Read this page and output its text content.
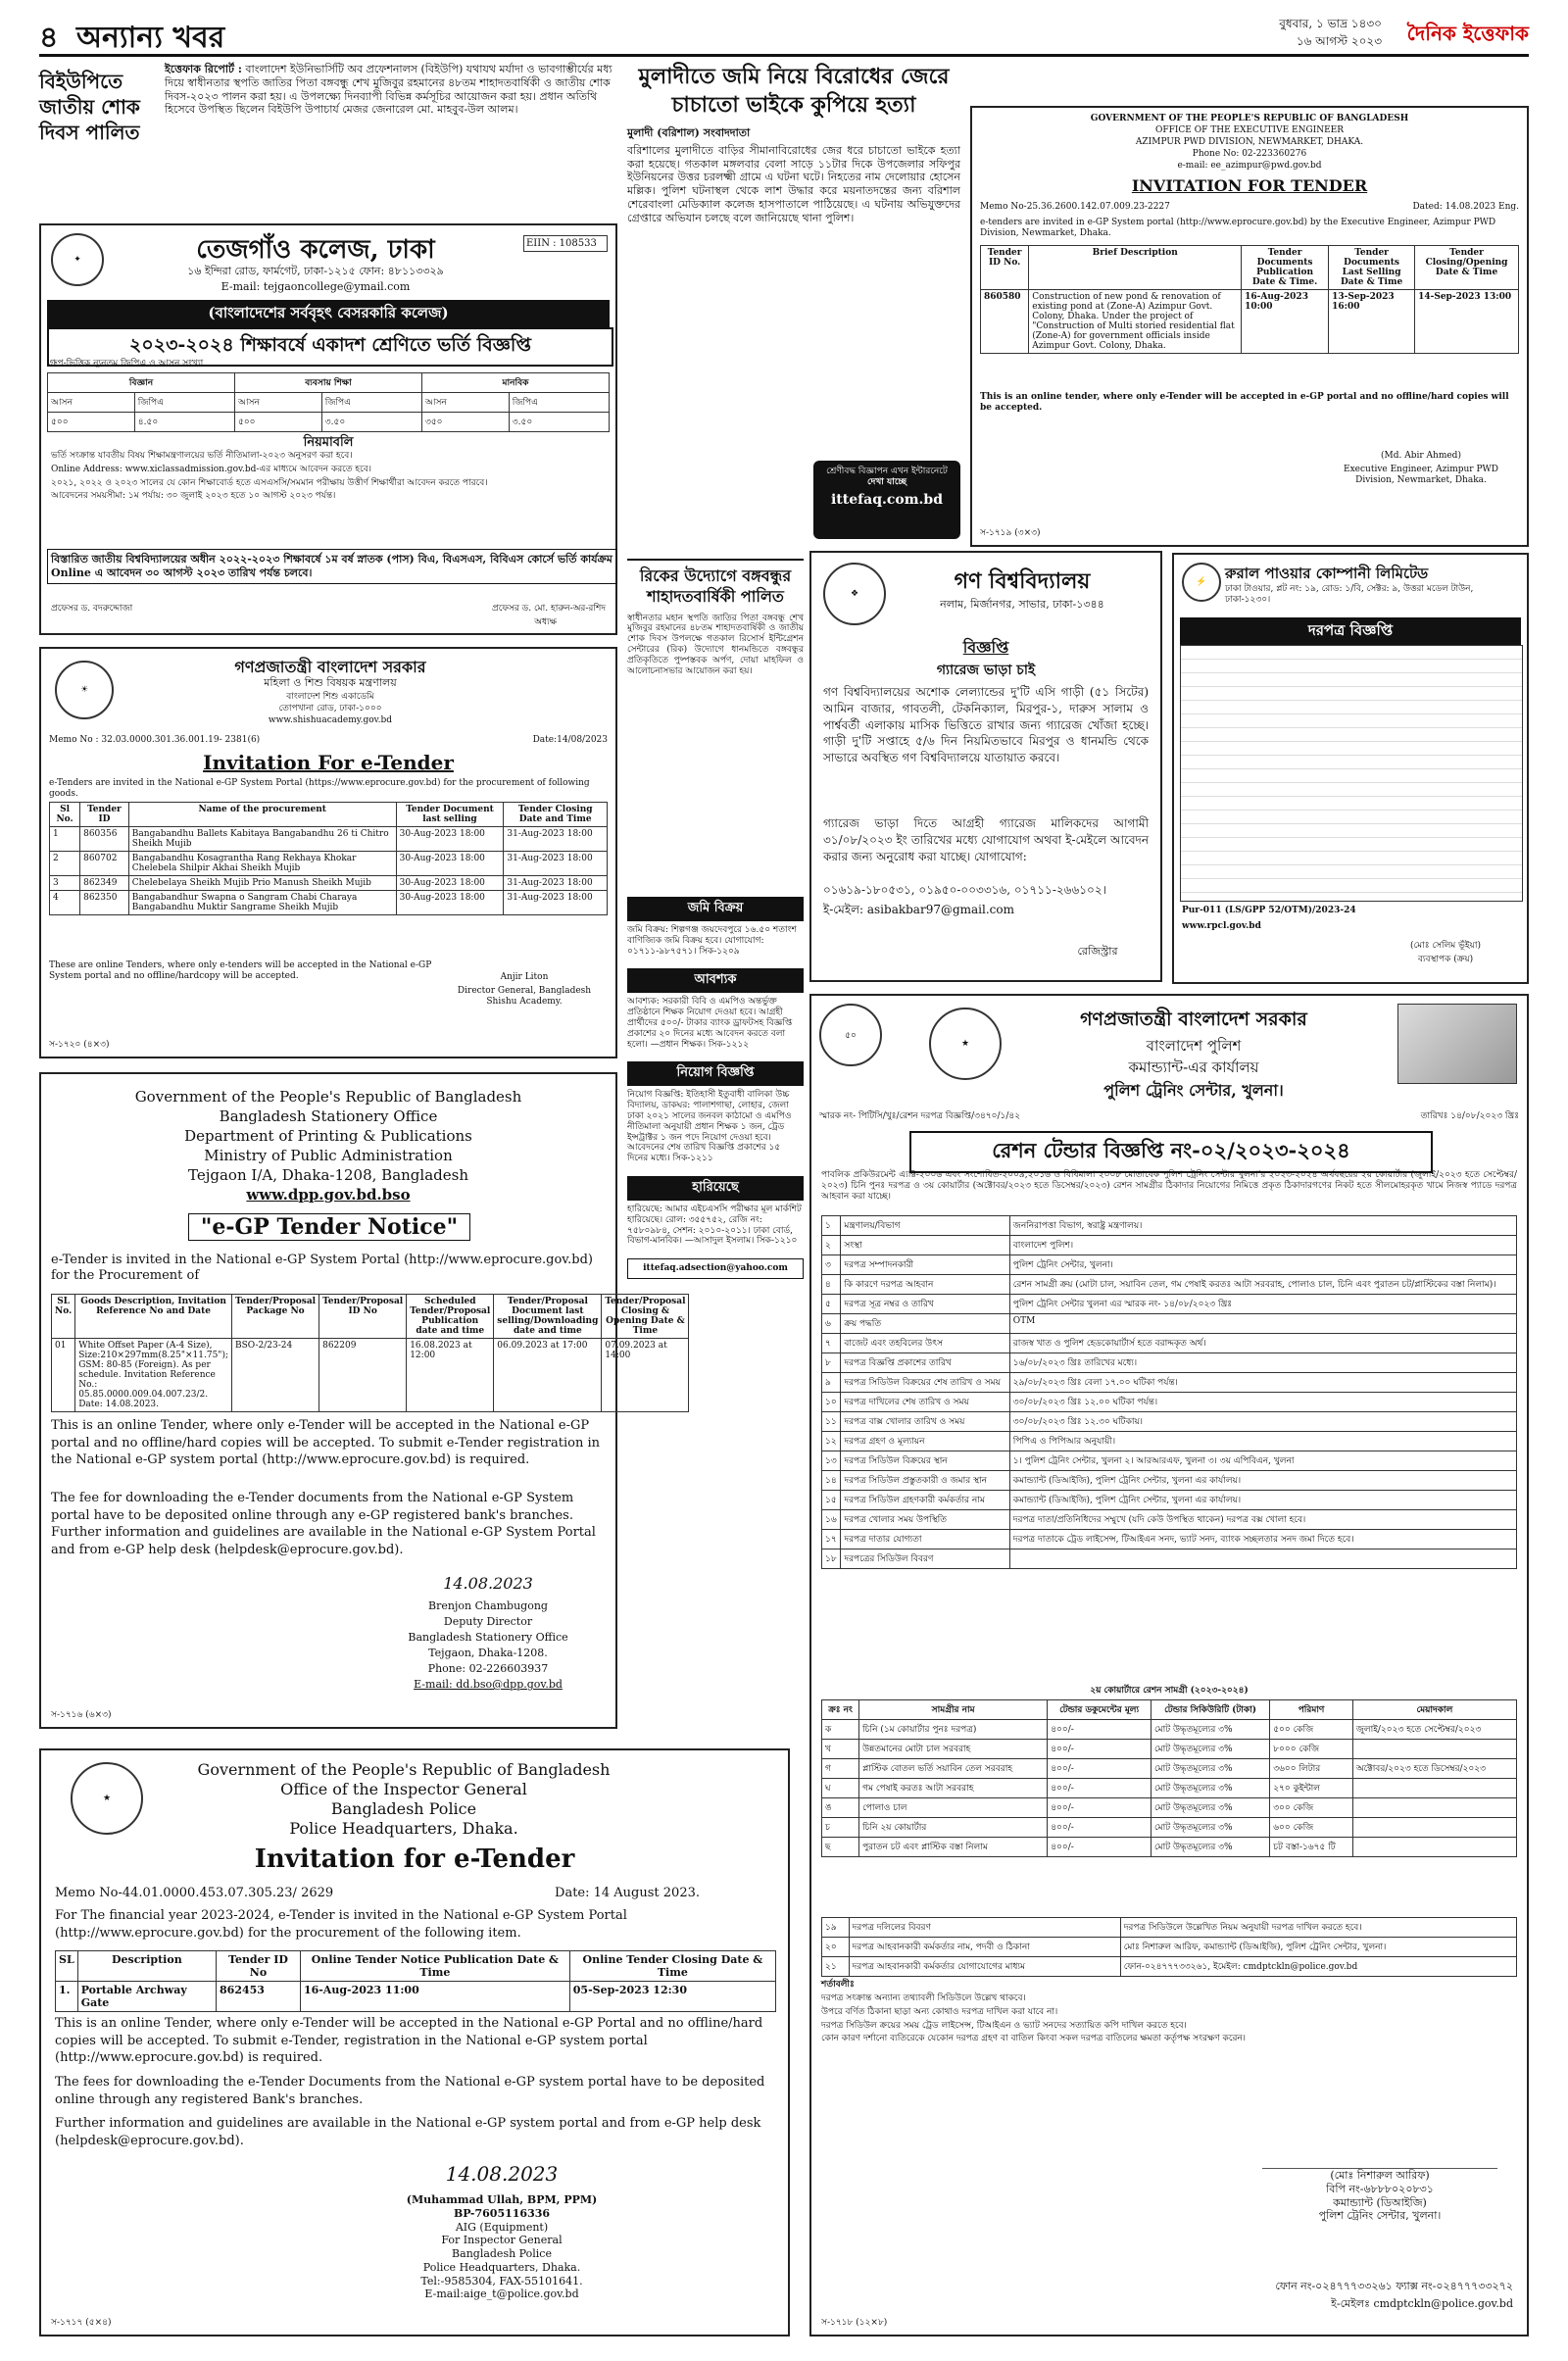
৪ অন্যান্য খবর	বুধবার, ১ ভাদ্র ১৪৩০
১৬ আগস্ট ২০২৩ দৈনিক ইত্তেফাক
বিইউপিতে জাতীয় শোক দিবস পালিত
ইত্তেফাক রিপোর্ট : বাংলাদেশ ইউনিভার্সিটি অব প্রফেশনালস (বিইউপি) যথাযথ মর্যাদা ও ভাবগাম্ভীর্যের মধ্য দিয়ে স্বাধীনতার স্থপতি জাতির পিতা বঙ্গবন্ধু শেখ মুজিবুর রহমানের ৪৮তম শাহাদতবার্ষিকী ও জাতীয় শোক দিবস-২০২৩ পালন করা হয়। এ উপলক্ষ্যে দিনব্যাপী বিভিন্ন কর্মসূচির আয়োজন করা হয়। প্রধান অতিথি হিসেবে উপস্থিত ছিলেন বিইউপি উপাচার্য মেজর জেনারেল মো. মাহবুব-উল আলম।
✦	তেজগাঁও কলেজ, ঢাকা	EIIN : 108533
১৬ ইন্দিরা রোড, ফার্মগেট, ঢাকা-১২১৫ ফোন: ৪৮১১৩৩২৯
E-mail: tejgaoncollege@ymail.com
(বাংলাদেশের সর্ববৃহৎ বেসরকারি কলেজ)
২০২৩-২০২৪ শিক্ষাবর্ষে একাদশ শ্রেণিতে ভর্তি বিজ্ঞপ্তি
গ্রুপ-ভিত্তিক ন্যূনতম জিপিএ ও আসন সংখ্যা
বিজ্ঞান		ব্যবসায় শিক্ষা		মানবিক	
আসন	জিপিএ	আসন	জিপিএ	আসন	জিপিএ
৫০০	৪.৫০	৫০০	৩.৫০	৩৫০	৩.৫০
নিয়মাবলি
ভর্তি সংক্রান্ত যাবতীয় বিষয় শিক্ষামন্ত্রণালয়ের ভর্তি নীতিমালা-২০২৩ অনুসরণ করা হবে।
Online Address: www.xiclassadmission.gov.bd-এর মাধ্যমে আবেদন করতে হবে।
২০২১, ২০২২ ও ২০২৩ সালের যে কোন শিক্ষাবোর্ড হতে এসএসসি/সমমান পরীক্ষায় উত্তীর্ণ শিক্ষার্থীরা আবেদন করতে পারবে।
আবেদনের সময়সীমা: ১ম পর্যায়: ৩০ জুলাই ২০২৩ হতে ১০ আগস্ট ২০২৩ পর্যন্ত।
বিস্তারিত জাতীয় বিশ্ববিদ্যালয়ের অধীন ২০২২-২০২৩ শিক্ষাবর্ষে ১ম বর্ষ স্নাতক (পাস) বিএ, বিএসএস, বিবিএস কোর্সে ভর্তি কার্যক্রম Online এ আবেদন ৩০ আগস্ট ২০২৩ তারিখ পর্যন্ত চলবে।
প্রফেসর ড. বদরুদ্দোজা	প্রফেসর ড. মো. হারুন-অর-রশিদ
অধ্যক্ষ
☀
গণপ্রজাতন্ত্রী বাংলাদেশ সরকার
মহিলা ও শিশু বিষয়ক মন্ত্রণালয়
বাংলাদেশ শিশু একাডেমি
তোপখানা রোড, ঢাকা-১০০০
www.shishuacademy.gov.bd
Memo No : 32.03.0000.301.36.001.19- 2381(6)	Date:14/08/2023
Invitation For e-Tender
e-Tenders are invited in the National e-GP System Portal (https://www.eprocure.gov.bd) for the procurement of following goods.
Sl No.	Tender ID	Name of the procurement	Tender Document last selling	Tender Closing Date and Time
1	860356	Bangabandhu Ballets Kabitaya Bangabandhu 26 ti Chitro Sheikh Mujib	30-Aug-2023 18:00	31-Aug-2023 18:00
2	860702	Bangabandhu Kosagrantha Rang Rekhaya Khokar Chelebela Shilpir Akhai Sheikh Mujib	30-Aug-2023 18:00	31-Aug-2023 18:00
3	862349	Chelebelaya Sheikh Mujib Prio Manush Sheikh Mujib	30-Aug-2023 18:00	31-Aug-2023 18:00
4	862350	Bangabandhur Swapna o Sangram Chabi Charaya Bangabandhu Muktir Sangrame Sheikh Mujib	30-Aug-2023 18:00	31-Aug-2023 18:00
These are online Tenders, where only e-tenders will be accepted in the National e-GP System portal and no offline/hardcopy will be accepted.	Anjir Liton
Director General, Bangladesh Shishu Academy.
স-১৭২০ (৪×৩)
Government of the People's Republic of Bangladesh
Bangladesh Stationery Office
Department of Printing & Publications
Ministry of Public Administration
Tejgaon I/A, Dhaka-1208, Bangladesh
www.dpp.gov.bd.bso
"e-GP Tender Notice"
e-Tender is invited in the National e-GP System Portal (http://www.eprocure.gov.bd) for the Procurement of
SL No.	Goods Description, Invitation Reference No and Date	Tender/Proposal Package No	Tender/Proposal ID No	Scheduled Tender/Proposal Publication date and time	Tender/Proposal Document last selling/Downloading date and time	Tender/Proposal Closing & Opening Date & Time
01	White Offset Paper (A-4 Size), Size:210×297mm(8.25"×11.75"); GSM: 80-85 (Foreign). As per schedule. Invitation Reference No.: 05.85.0000.009.04.007.23/2. Date: 14.08.2023.	BSO-2/23-24	862209	16.08.2023 at 12:00	06.09.2023 at 17:00	07.09.2023 at 14:00
This is an online Tender, where only e-Tender will be accepted in the National e-GP portal and no offline/hard copies will be accepted. To submit e-Tender registration in the National e-GP system portal (http://www.eprocure.gov.bd) is required.
The fee for downloading the e-Tender documents from the National e-GP System portal have to be deposited online through any e-GP registered bank's branches. Further information and guidelines are available in the National e-GP System Portal and from e-GP help desk (helpdesk@eprocure.gov.bd).
14.08.2023
Brenjon Chambugong
Deputy Director
Bangladesh Stationery Office
Tejgaon, Dhaka-1208.
Phone: 02-226603937
E-mail: dd.bso@dpp.gov.bd
স-১৭১৬ (৬×৩)
★
Government of the People's Republic of Bangladesh
Office of the Inspector General
Bangladesh Police
Police Headquarters, Dhaka.
Invitation for e-Tender
Memo No-44.01.0000.453.07.305.23/ 2629	Date: 14 August 2023.
For The financial year 2023-2024, e-Tender is invited in the National e-GP System Portal (http://www.eprocure.gov.bd) for the procurement of the following item.
SL	Description	Tender ID No	Online Tender Notice Publication Date & Time	Online Tender Closing Date & Time
1.	Portable Archway Gate	862453	16-Aug-2023 11:00	05-Sep-2023 12:30
This is an online Tender, where only e-Tender will be accepted in the National e-GP Portal and no offline/hard copies will be accepted. To submit e-Tender, registration in the National e-GP system portal (http://www.eprocure.gov.bd) is required.
The fees for downloading the e-Tender Documents from the National e-GP system portal have to be deposited online through any registered Bank's branches.
Further information and guidelines are available in the National e-GP system portal and from e-GP help desk (helpdesk@eprocure.gov.bd).
14.08.2023
(Muhammad Ullah, BPM, PPM)
BP-7605116336
AIG (Equipment)
For Inspector General
Bangladesh Police
Police Headquarters, Dhaka.
Tel:-9585304, FAX-55101641.
E-mail:aige_t@police.gov.bd
স-১৭১৭ (৫×৪)
মুলাদীতে জমি নিয়ে বিরোধের জেরে চাচাতো ভাইকে কুপিয়ে হত্যা
মুলাদী (বরিশাল) সংবাদদাতা
বরিশালের মুলাদীতে বাড়ির সীমানাবিরোধের জের ধরে চাচাতো ভাইকে হত্যা করা হয়েছে। গতকাল মঙ্গলবার বেলা সাড়ে ১১টার দিকে উপজেলার সফিপুর ইউনিয়নের উত্তর চরলক্ষ্মী গ্রামে এ ঘটনা ঘটে। নিহতের নাম দেলোয়ার হোসেন মল্লিক। পুলিশ ঘটনাস্থল থেকে লাশ উদ্ধার করে ময়নাতদন্তের জন্য বরিশাল শেরেবাংলা মেডিক্যাল কলেজ হাসপাতালে পাঠিয়েছে। এ ঘটনায় অভিযুক্তদের গ্রেপ্তারে অভিযান চলছে বলে জানিয়েছে থানা পুলিশ।
রিকের উদ্যোগে বঙ্গবন্ধুর শাহাদতবার্ষিকী পালিত
স্বাধীনতার মহান স্থপতি জাতির পিতা বঙ্গবন্ধু শেখ মুজিবুর রহমানের ৪৮তম শাহাদতবার্ষিকী ও জাতীয় শোক দিবস উপলক্ষে গতকাল রিসোর্স ইন্টিগ্রেশন সেন্টারের (রিক) উদ্যোগে ধানমন্ডিতে বঙ্গবন্ধুর প্রতিকৃতিতে পুষ্পস্তবক অর্পণ, দোয়া মাহফিল ও আলোচনাসভার আয়োজন করা হয়।
শ্রেণীবদ্ধ বিজ্ঞাপন এখন ইন্টারনেটে
দেখা যাচ্ছে
ittefaq.com.bd
জমি বিক্রয়
জমি বিক্রয়: শিল্পগঞ্জ জয়দেবপুরে ১৬.৫০ শতাংশ বাণিজ্যিক জমি বিক্রয় হবে। যোগাযোগ: ০১৭১১-৯৮৭৫৭১। সিক-১২০৯
আবশ্যক
আবশ্যক: সরকারী বিবি ও এমপিও অন্তর্ভুক্ত প্রতিষ্ঠানে শিক্ষক নিয়োগ দেওয়া হবে। আগ্রহী প্রার্থীদের ৫০০/- টাকার ব্যাংক ড্রাফটসহ বিজ্ঞপ্তি প্রকাশের ২০ দিনের মধ্যে আবেদন করতে বলা হলো। —প্রধান শিক্ষক। সিক-১২১২
নিয়োগ বিজ্ঞপ্তি
নিয়োগ বিজ্ঞপ্তি: ইতিহাসী ইতুবাধী বালিকা উচ্চ বিদ্যালয়, ডাকঘর: পালাশগাছা, লোহার, জেলা ঢাকা ২০২১ সালের জনবল কাঠামো ও এমপিও নীতিমালা অনুযায়ী প্রধান শিক্ষক ১ জন, ট্রেড ইন্সট্রাক্টর ১ জন পদে নিয়োগ দেওয়া হবে। আবেদনের শেষ তারিখ বিজ্ঞপ্তি প্রকাশের ১৫ দিনের মধ্যে। সিক-১২১১
হারিয়েছে
হারিয়েছে: আমার এইচএসসি পরীক্ষার মূল মার্কশিট হারিয়েছে। রোল: ৩৫৫৭৫২, রেজি নং: ৭৫৮০৯৮৪, সেশন: ২০১০-২০১১। ঢাকা বোর্ড, বিভাগ-মানবিক। —আসাদুল ইসলাম। সিক-১২১০
ittefaq.adsection@yahoo.com
❖	গণ বিশ্ববিদ্যালয়
নলাম, মির্জানগর, সাভার, ঢাকা-১৩৪৪
বিজ্ঞপ্তি
গ্যারেজ ভাড়া চাই
গণ বিশ্ববিদ্যালয়ের অশোক লেল্যান্ডের দু'টি এসি গাড়ী (৫১ সিটের) আমিন বাজার, গাবতলী, টেকনিক্যাল, মিরপুর-১, দারুস সালাম ও পার্শ্ববর্তী এলাকায় মাসিক ভিত্তিতে রাখার জন্য গ্যারেজ খোঁজা হচ্ছে। গাড়ী দু'টি সপ্তাহে ৫/৬ দিন নিয়মিতভাবে মিরপুর ও ধানমন্ডি থেকে সাভারে অবস্থিত গণ বিশ্ববিদ্যালয়ে যাতায়াত করবে।
গ্যারেজ ভাড়া দিতে আগ্রহী গ্যারেজ মালিকদের আগামী ৩১/০৮/২০২৩ ইং তারিখের মধ্যে যোগাযোগ অথবা ই-মেইলে আবেদন করার জন্য অনুরোধ করা যাচ্ছে। যোগাযোগ:
০১৬১৯-১৮০৫৩১, ০১৯৫০-০০৩৩১৬, ০১৭১১-২৬৬১০২।
ই-মেইল: asibakbar97@gmail.com
রেজিস্ট্রার
GOVERNMENT OF THE PEOPLE'S REPUBLIC OF BANGLADESH
OFFICE OF THE EXECUTIVE ENGINEER
AZIMPUR PWD DIVISION, NEWMARKET, DHAKA.
Phone No: 02-223360276
e-mail: ee_azimpur@pwd.gov.bd
INVITATION FOR TENDER
Memo No-25.36.2600.142.07.009.23-2227	Dated: 14.08.2023 Eng.
e-tenders are invited in e-GP System portal (http://www.eprocure.gov.bd) by the Executive Engineer, Azimpur PWD Division, Newmarket, Dhaka.
Tender ID No.	Brief Description	Tender Documents Publication Date & Time.	Tender Documents Last Selling Date & Time	Tender Closing/Opening Date & Time
860580	Construction of new pond & renovation of existing pond at (Zone-A) Azimpur Govt. Colony, Dhaka. Under the project of "Construction of Multi storied residential flat (Zone-A) for government officials inside Azimpur Govt. Colony, Dhaka.	16-Aug-2023 10:00	13-Sep-2023 16:00	14-Sep-2023 13:00
This is an online tender, where only e-Tender will be accepted in e-GP portal and no offline/hard copies will be accepted.
(Md. Abir Ahmed)
Executive Engineer, Azimpur PWD Division, Newmarket, Dhaka.
স-১৭১৯ (৩×৩)
⚡	রুরাল পাওয়ার কোম্পানী লিমিটেড
ঢাকা টাওয়ার, প্লট নং: ১৯, রোড: ১/বি, সেক্টর: ৯, উত্তরা মডেল টাউন, ঢাকা-১২৩০।
দরপত্র বিজ্ঞপ্তি
Pur-011 (LS/GPP 52/OTM)/2023-24
www.rpcl.gov.bd
(মোঃ সেলিম ভূঁইয়া)
ব্যবস্থাপক (ক্রয়)
৫০
★
গণপ্রজাতন্ত্রী বাংলাদেশ সরকার
বাংলাদেশ পুলিশ
কমান্ড্যান্ট-এর কার্যালয়
পুলিশ ট্রেনিং সেন্টার, খুলনা।
স্মারক নং- পিটিসি/খুঃ/রেশন দরপত্র বিজ্ঞপ্তি/৩৪৭০/১/৪২	তারিখঃ ১৪/০৮/২০২৩ খ্রিঃ
রেশন টেন্ডার বিজ্ঞপ্তি নং-০২/২০২৩-২০২৪
পাবলিক প্রকিউরমেন্ট এ্যাক্ট-২০০৬ এবং সংশোধিত-২০০৯,২০১৬ ও বিধিমালা ২০০৮ মোতাবেক পুলিশ ট্রেনিং সেন্টার খুলনা'র ২০২৩-২০২৪ অর্থবছরের ২য় কোয়ার্টার (জুলাই/২০২৩ হতে সেপ্টেম্বর/২০২৩) চিনি পুনঃ দরপত্র ও ৩য় কোয়ার্টার (অক্টোবর/২০২৩ হতে ডিসেম্বর/২০২৩) রেশন সামগ্রীর ঠিকাদার নিয়োগের নিমিত্তে প্রকৃত ঠিকাদারগণের নিকট হতে সীলমোহরকৃত খামে নিজস্ব প্যাডে দরপত্র আহবান করা যাচ্ছে।
১	মন্ত্রণালয়/বিভাগ	জননিরাপত্তা বিভাগ, স্বরাষ্ট্র মন্ত্রণালয়।
২	সংস্থা	বাংলাদেশ পুলিশ।
৩	দরপত্র সম্পাদনকারী	পুলিশ ট্রেনিং সেন্টার, খুলনা।
৪	কি কারণে দরপত্র আহবান	রেশন সামগ্রী ক্রয় (মোটা চাল, সয়াবিন তেল, গম পেষাই করতঃ আটা সরবরাহ, পোলাও চাল, চিনি এবং পুরাতন চট/প্লাস্টিকের বস্তা নিলাম)।
৫	দরপত্র সূত্র নম্বর ও তারিখ	পুলিশ ট্রেনিং সেন্টার খুলনা এর স্মারক নং- ১৪/০৮/২০২৩ খ্রিঃ
৬	ক্রয় পদ্ধতি	OTM
৭	বাজেট এবং তহবিলের উৎস	রাজস্ব খাত ও পুলিশ হেডকোয়ার্টার্স হতে বরাদ্দকৃত অর্থ।
৮	দরপত্র বিজ্ঞপ্তি প্রকাশের তারিখ	১৬/০৮/২০২৩ খ্রিঃ তারিখের মধ্যে।
৯	দরপত্র সিডিউল বিক্রয়ের শেষ তারিখ ও সময়	২৯/০৮/২০২৩ খ্রিঃ বেলা ১৭.০০ ঘটিকা পর্যন্ত।
১০	দরপত্র দাখিলের শেষ তারিখ ও সময়	৩০/০৮/২০২৩ খ্রিঃ ১২.০০ ঘটিকা পর্যন্ত।
১১	দরপত্র বাক্স খোলার তারিখ ও সময়	৩০/০৮/২০২৩ খ্রিঃ ১২.৩০ ঘটিকায়।
১২	দরপত্র গ্রহণ ও মূল্যায়ন	পিপিএ ও পিপিআর অনুযায়ী।
১৩	দরপত্র সিডিউল বিক্রয়ের স্থান	১। পুলিশ ট্রেনিং সেন্টার, খুলনা ২। আরআরএফ, খুলনা ৩। ৩য় এপিবিএন, খুলনা
১৪	দরপত্র সিডিউল প্রস্তুতকারী ও জমার স্থান	কমান্ড্যান্ট (ডিআইজি), পুলিশ ট্রেনিং সেন্টার, খুলনা এর কার্যালয়।
১৫	দরপত্র সিডিউল গ্রহণকারী কর্মকর্তার নাম	কমান্ড্যান্ট (ডিআইজি), পুলিশ ট্রেনিং সেন্টার, খুলনা এর কার্যালয়।
১৬	দরপত্র খোলার সময় উপস্থিতি	দরপত্র দাতা/প্রতিনিধিদের সম্মুখে (যদি কেউ উপস্থিত থাকেন) দরপত্র বক্স খোলা হবে।
১৭	দরপত্র দাতার যোগ্যতা	দরপত্র দাতাকে ট্রেড লাইসেন্স, টিআইএন সনদ, ভ্যাট সনদ, ব্যাংক সচ্ছলতার সনদ জমা দিতে হবে।
১৮	দরপত্রের সিডিউল বিবরণ	
২য় কোয়ার্টারে রেশন সামগ্রী (২০২৩-২০২৪)
ক্রঃ নং	সামগ্রীর নাম	টেন্ডার ডকুমেন্টের মূল্য	টেন্ডার সিকিউরিটি (টাকা)	পরিমাণ	মেয়াদকাল
ক	চিনি (১ম কোয়ার্টার পুনঃ দরপত্র)	৪০০/-	মোট উদ্ধৃতমূল্যের ৩%	৫০০ কেজি	জুলাই/২০২৩ হতে সেপ্টেম্বর/২০২৩
খ	উন্নতমানের মোটা চাল সরবরাহ	৪০০/-	মোট উদ্ধৃতমূল্যের ৩%	৮০০০ কেজি	
গ	প্লাস্টিক বোতল ভর্তি সয়াবিন তেল সরবরাহ	৪০০/-	মোট উদ্ধৃতমূল্যের ৩%	৩৬০০ লিটার	অক্টোবর/২০২৩ হতে ডিসেম্বর/২০২৩
ঘ	গম পেষাই করতঃ আটা সরবরাহ	৪০০/-	মোট উদ্ধৃতমূল্যের ৩%	২৭০ কুইন্টাল	
ঙ	পোলাও চাল	৪০০/-	মোট উদ্ধৃতমূল্যের ৩%	৩০০ কেজি	
চ	চিনি ২য় কোয়ার্টার	৪০০/-	মোট উদ্ধৃতমূল্যের ৩%	৬০০ কেজি	
ছ	পুরাতন চট এবং প্লাস্টিক বস্তা নিলাম	৪০০/-	মোট উদ্ধৃতমূল্যের ৩%	চট বস্তা-১৬৭৫ টি	
১৯	দরপত্র দলিলের বিবরণ	দরপত্র সিডিউলে উল্লেখিত নিয়ম অনুযায়ী দরপত্র দাখিল করতে হবে।
২০	দরপত্র আহবানকারী কর্মকর্তার নাম, পদবী ও ঠিকানা	মোঃ নিশারুল আরিফ, কমান্ড্যান্ট (ডিআইজি), পুলিশ ট্রেনিং সেন্টার, খুলনা।
২১	দরপত্র আহবানকারী কর্মকর্তার যোগাযোগের মাধ্যম	ফোন-০২৪৭৭৭৩৩২৬১, ইমেইল: cmdptckln@police.gov.bd
শর্তাবলীঃ
দরপত্র সংক্রান্ত অন্যান্য তথ্যাবলী সিডিউলে উল্লেখ থাকবে।
উপরে বর্ণিত ঠিকানা ছাড়া অন্য কোথাও দরপত্র দাখিল করা যাবে না।
দরপত্র সিডিউল ক্রয়ের সময় ট্রেড লাইসেন্স, টিআইএন ও ভ্যাট সনদের সত্যায়িত কপি দাখিল করতে হবে।
কোন কারণ দর্শানো ব্যতিরেকে যেকোন দরপত্র গ্রহণ বা বাতিল কিংবা সকল দরপত্র বাতিলের ক্ষমতা কর্তৃপক্ষ সংরক্ষণ করেন।
(মোঃ নিশারুল আরিফ)
বিপি নং-৬৮৮৮০২০৮৩১
কমান্ড্যান্ট (ডিআইজি)
পুলিশ ট্রেনিং সেন্টার, খুলনা।
ফোন নং-০২৪৭৭৭৩৩২৬১ ফ্যাক্স নং-০২৪৭৭৭৩৩২৭২
ই-মেইলঃ cmdptckln@police.gov.bd
স-১৭১৮ (১২×৮)
